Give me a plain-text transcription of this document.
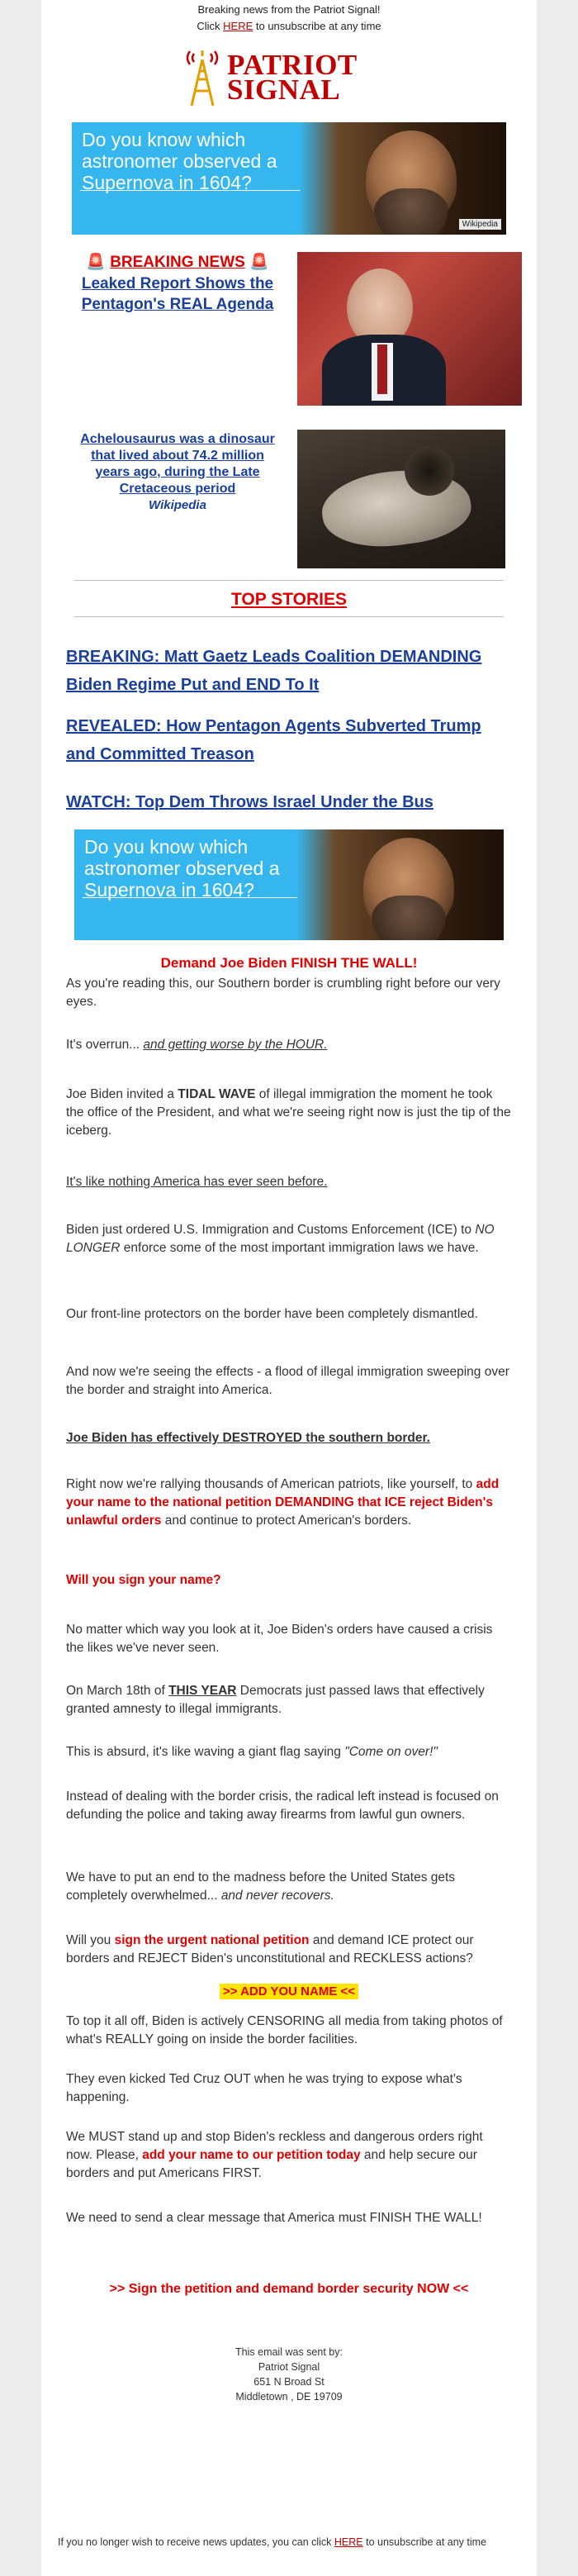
Breaking news from the Patriot Signal!
Click HERE to unsubscribe at any time
PATRIOT
SIGNAL
Do you know which astronomer observed a Supernova in 1604?
Wikipedia
🚨 BREAKING NEWS 🚨
Leaked Report Shows the Pentagon's REAL Agenda
Achelousaurus was a dinosaur that lived about 74.2 million years ago, during the Late Cretaceous period
Wikipedia
TOP STORIES
BREAKING: Matt Gaetz Leads Coalition DEMANDING Biden Regime Put and END To It
REVEALED: How Pentagon Agents Subverted Trump and Committed Treason
WATCH: Top Dem Throws Israel Under the Bus
Do you know which astronomer observed a Supernova in 1604?
Demand Joe Biden FINISH THE WALL!
As you're reading this, our Southern border is crumbling right before our very eyes.
It's overrun... and getting worse by the HOUR.
Joe Biden invited a TIDAL WAVE of illegal immigration the moment he took the office of the President, and what we're seeing right now is just the tip of the iceberg.
It's like nothing America has ever seen before.
Biden just ordered U.S. Immigration and Customs Enforcement (ICE) to NO LONGER enforce some of the most important immigration laws we have.
Our front-line protectors on the border have been completely dismantled.
And now we're seeing the effects - a flood of illegal immigration sweeping over the border and straight into America.
Joe Biden has effectively DESTROYED the southern border.
Right now we're rallying thousands of American patriots, like yourself, to add your name to the national petition DEMANDING that ICE reject Biden's unlawful orders and continue to protect American's borders.
Will you sign your name?
No matter which way you look at it, Joe Biden's orders have caused a crisis the likes we've never seen.
On March 18th of THIS YEAR Democrats just passed laws that effectively granted amnesty to illegal immigrants.
This is absurd, it's like waving a giant flag saying "Come on over!"
Instead of dealing with the border crisis, the radical left instead is focused on defunding the police and taking away firearms from lawful gun owners.
We have to put an end to the madness before the United States gets completely overwhelmed... and never recovers.
Will you sign the urgent national petition and demand ICE protect our borders and REJECT Biden's unconstitutional and RECKLESS actions?
>> ADD YOU NAME <<
To top it all off, Biden is actively CENSORING all media from taking photos of what's REALLY going on inside the border facilities.
They even kicked Ted Cruz OUT when he was trying to expose what's happening.
We MUST stand up and stop Biden's reckless and dangerous orders right now. Please, add your name to our petition today and help secure our borders and put Americans FIRST.
We need to send a clear message that America must FINISH THE WALL!
>> Sign the petition and demand border security NOW <<
This email was sent by:
Patriot Signal
651 N Broad St
Middletown , DE 19709
If you no longer wish to receive news updates, you can click HERE to unsubscribe at any time
